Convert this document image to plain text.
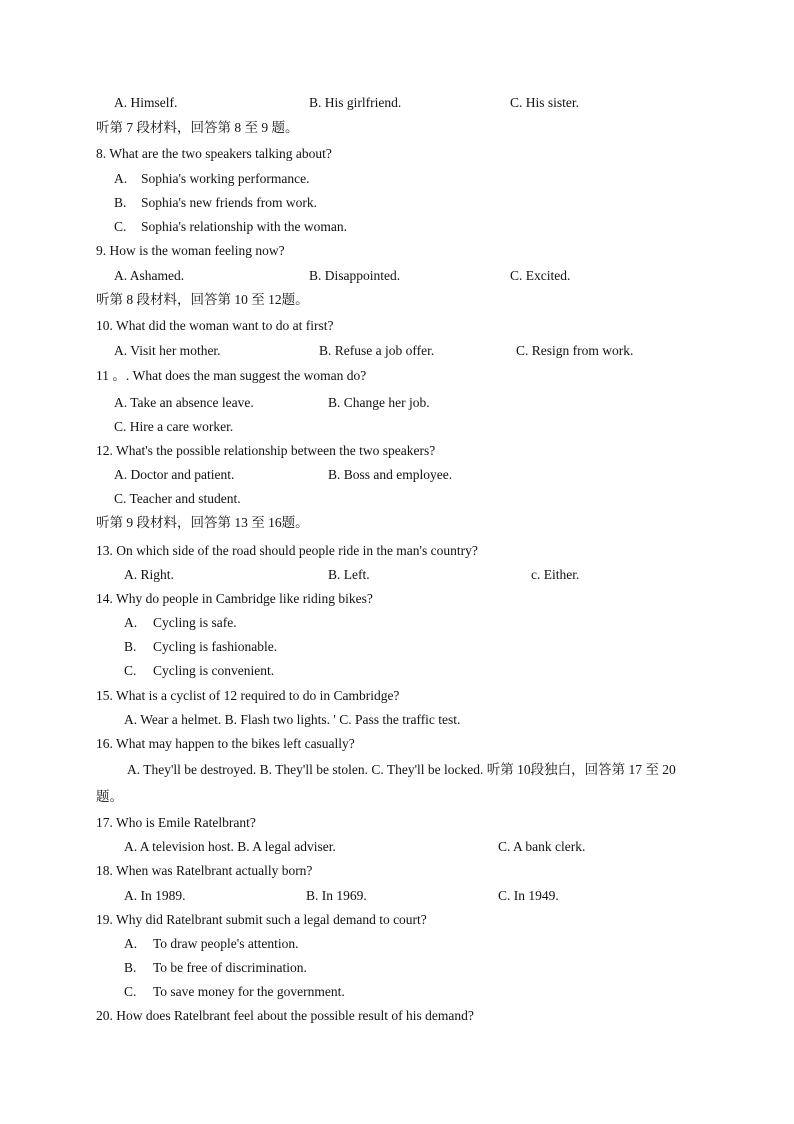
A. Himself.	B. His girlfriend.	C. His sister.
听第 7 段材料，回答第 8 至 9 题。
8. What are the two speakers talking about?
A. Sophia's working performance.
B. Sophia's new friends from work.
C. Sophia's relationship with the woman.
9. How is the woman feeling now?
A. Ashamed.	B. Disappointed.	C. Excited.
听第 8 段材料，回答第 10 至 12题。
10. What did the woman want to do at first?
A. Visit her mother.	B. Refuse a job offer.	C. Resign from work.
11 。. What does the man suggest the woman do?
A. Take an absence leave.	B. Change her job.
C. Hire a care worker.
12. What's the possible relationship between the two speakers?
A. Doctor and patient.	B. Boss and employee.
C. Teacher and student.
听第 9 段材料，回答第 13 至 16题。
13. On which side of the road should people ride in the man's country?
A. Right.	B. Left.	c. Either.
14. Why do people in Cambridge like riding bikes?
A. Cycling is safe.
B. Cycling is fashionable.
C. Cycling is convenient.
15. What is a cyclist of 12 required to do in Cambridge?
A. Wear a helmet. B. Flash two lights. ' C. Pass the traffic test.
16. What may happen to the bikes left casually?
A. They'll be destroyed. B. They'll be stolen. C. They'll be locked. 听第 10段独白，回答第 17 至 20
题。
17. Who is Emile Ratelbrant?
A. A television host. B. A legal adviser.	C. A bank clerk.
18. When was Ratelbrant actually born?
A. In 1989.	B. In 1969.	C. In 1949.
19. Why did Ratelbrant submit such a legal demand to court?
A. To draw people's attention.
B. To be free of discrimination.
C. To save money for the government.
20. How does Ratelbrant feel about the possible result of his demand?
